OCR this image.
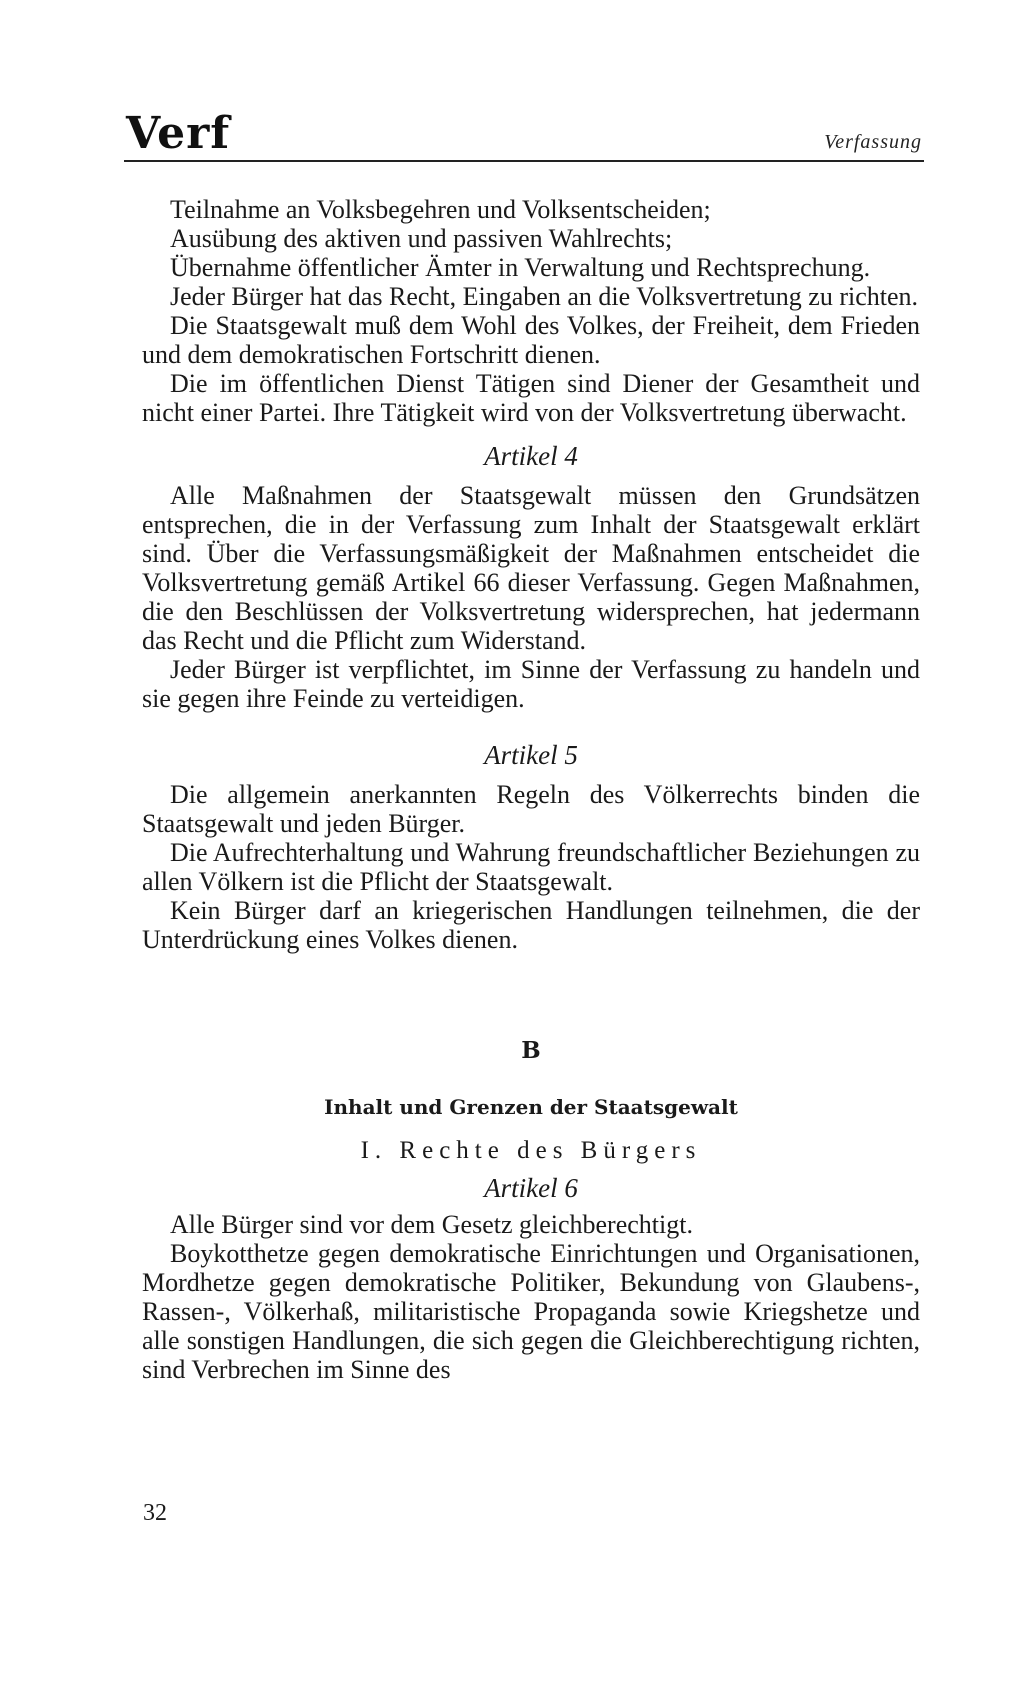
Verf	Verfassung

Teilnahme an Volksbegehren und Volksentscheiden;

Ausübung des aktiven und passiven Wahlrechts;

Übernahme öffentlicher Ämter in Verwaltung und Rechtsprechung.

Jeder Bürger hat das Recht, Eingaben an die Volksvertretung zu richten.

Die Staatsgewalt muß dem Wohl des Volkes, der Freiheit, dem Frieden und dem demokratischen Fortschritt dienen.

Die im öffentlichen Dienst Tätigen sind Diener der Gesamtheit und nicht einer Partei. Ihre Tätigkeit wird von der Volksvertretung überwacht.

Artikel 4

Alle Maßnahmen der Staatsgewalt müssen den Grundsätzen entsprechen, die in der Verfassung zum Inhalt der Staatsgewalt erklärt sind. Über die Verfassungsmäßigkeit der Maßnahmen entscheidet die Volksvertretung gemäß Artikel 66 dieser Verfassung. Gegen Maßnahmen, die den Beschlüssen der Volksvertretung widersprechen, hat jedermann das Recht und die Pflicht zum Widerstand.

Jeder Bürger ist verpflichtet, im Sinne der Verfassung zu handeln und sie gegen ihre Feinde zu verteidigen.

Artikel 5

Die allgemein anerkannten Regeln des Völkerrechts binden die Staatsgewalt und jeden Bürger.

Die Aufrechterhaltung und Wahrung freundschaftlicher Beziehungen zu allen Völkern ist die Pflicht der Staatsgewalt.

Kein Bürger darf an kriegerischen Handlungen teilnehmen, die der Unterdrückung eines Volkes dienen.

B
Inhalt und Grenzen der Staatsgewalt
I. Rechte des Bürgers
Artikel 6

Alle Bürger sind vor dem Gesetz gleichberechtigt.

Boykotthetze gegen demokratische Einrichtungen und Organisationen, Mordhetze gegen demokratische Politiker, Bekundung von Glaubens-, Rassen-, Völkerhaß, militaristische Propaganda sowie Kriegshetze und alle sonstigen Handlungen, die sich gegen die Gleichberechtigung richten, sind Verbrechen im Sinne des

32
